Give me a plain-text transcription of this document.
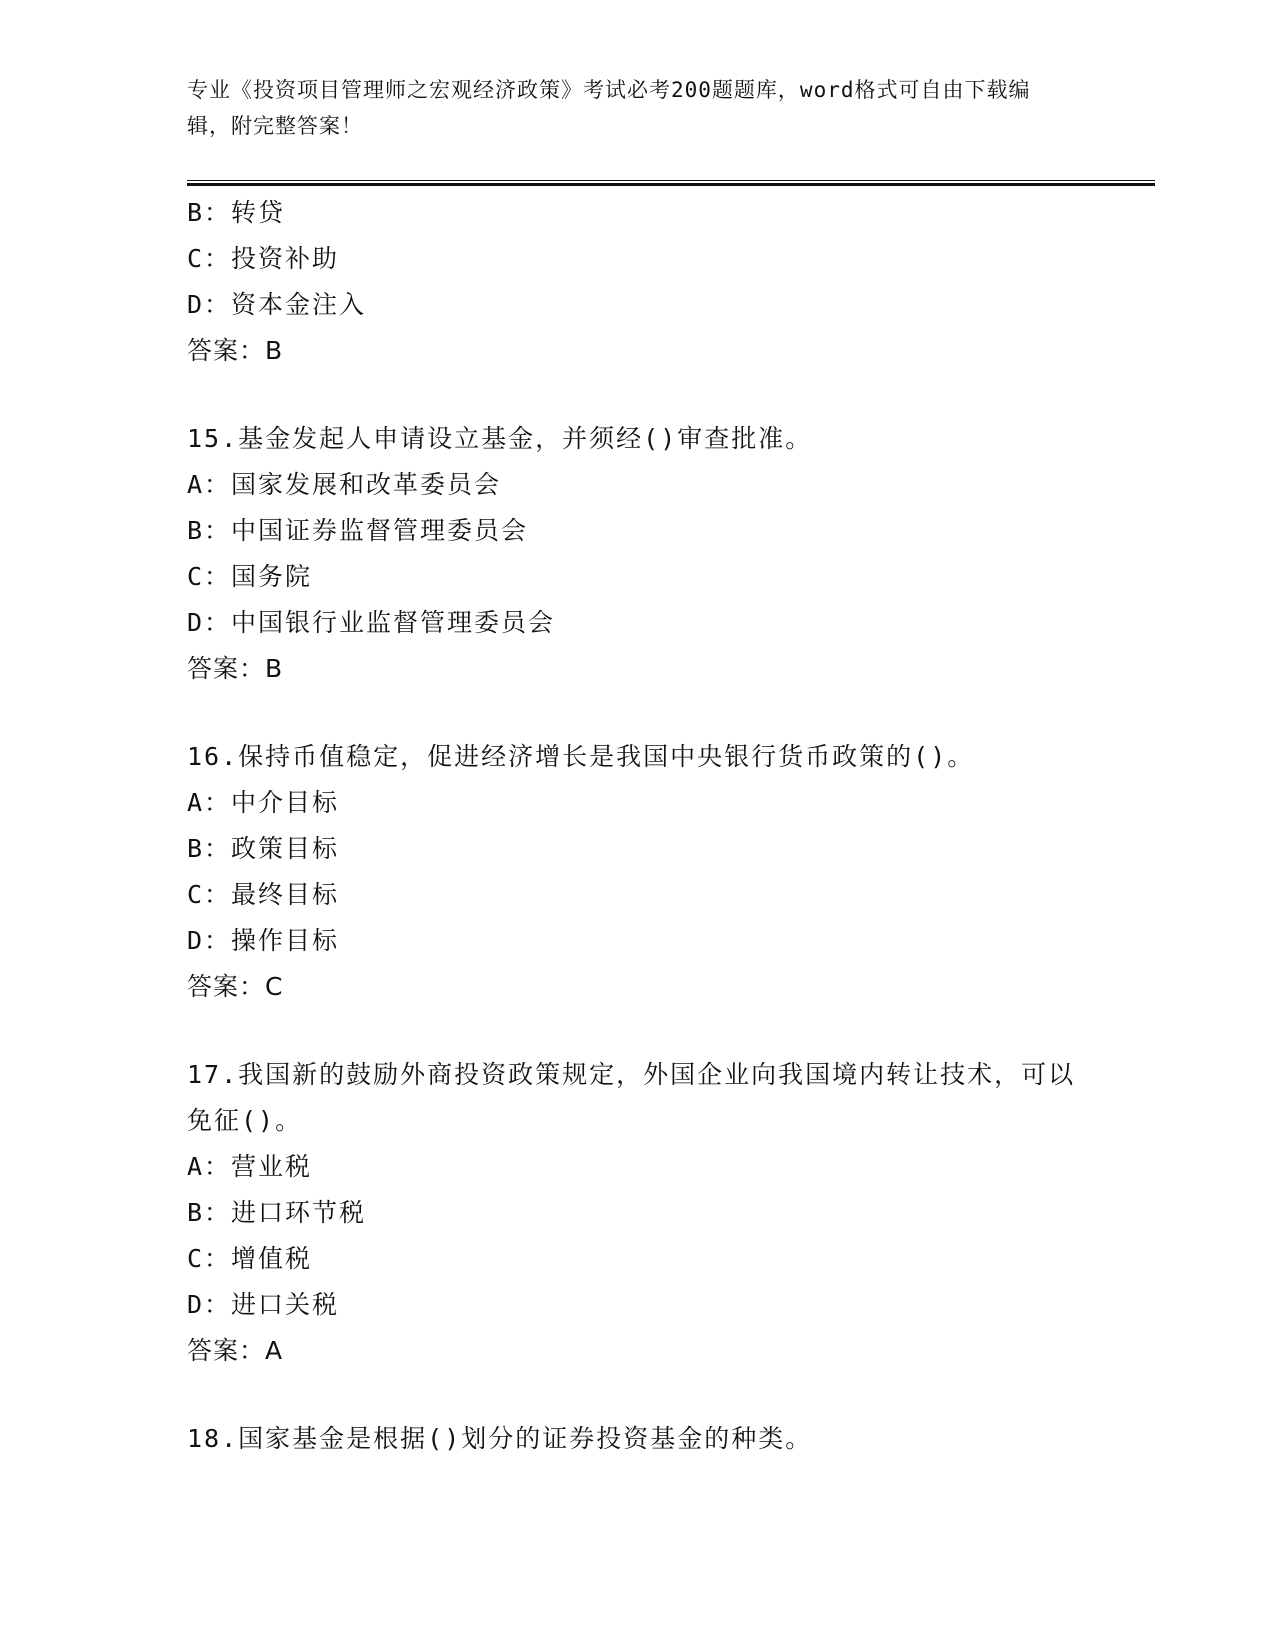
专业《投资项目管理师之宏观经济政策》考试必考200题题库，word格式可自由下载编辑，附完整答案！
B：转贷
C：投资补助
D：资本金注入
答案：B
15.基金发起人申请设立基金，并须经()审查批准。
A：国家发展和改革委员会
B：中国证券监督管理委员会
C：国务院
D：中国银行业监督管理委员会
答案：B
16.保持币值稳定，促进经济增长是我国中央银行货币政策的()。
A：中介目标
B：政策目标
C：最终目标
D：操作目标
答案：C
17.我国新的鼓励外商投资政策规定，外国企业向我国境内转让技术，可以免征()。
A：营业税
B：进口环节税
C：增值税
D：进口关税
答案：A
18.国家基金是根据()划分的证券投资基金的种类。
